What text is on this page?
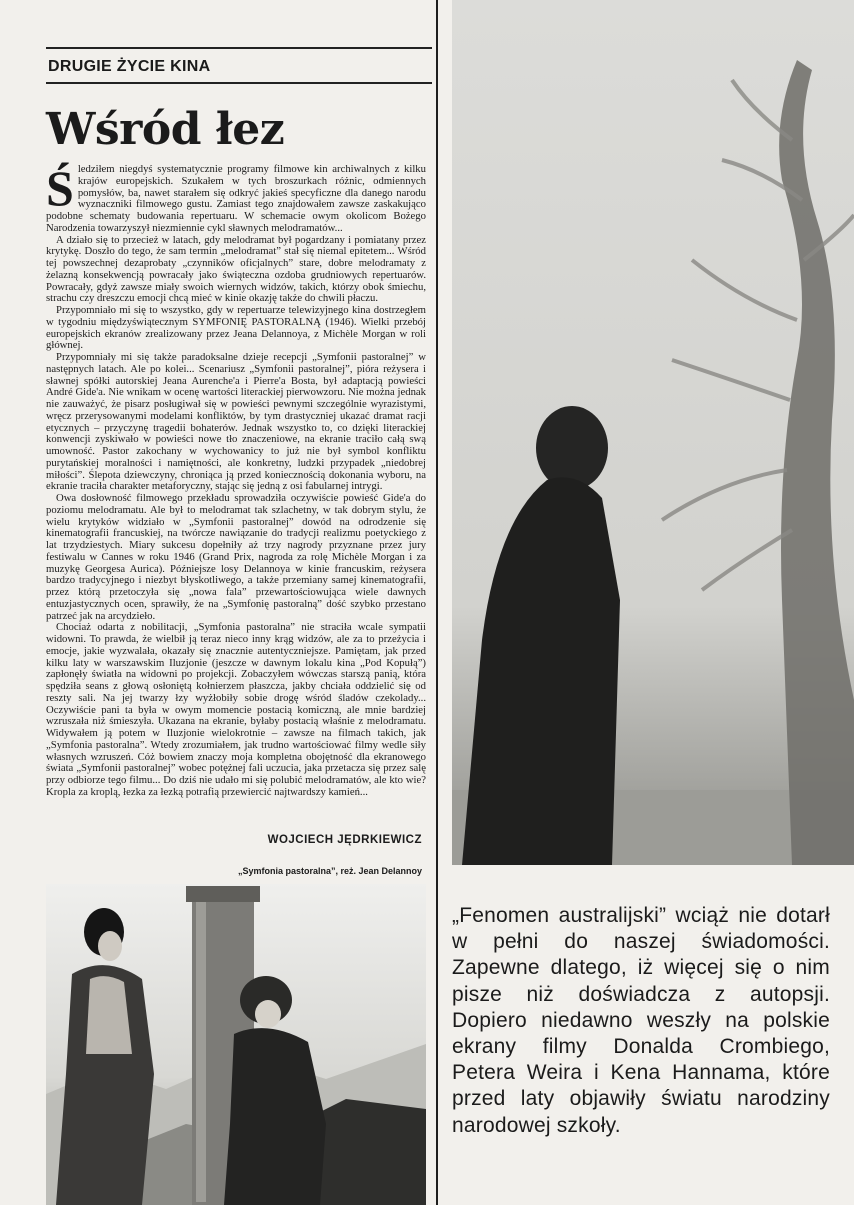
DRUGIE ŻYCIE KINA
Wśród łez

Śledziłem niegdyś systematycznie programy filmowe kin archiwalnych z kilku krajów europejskich. Szukałem w tych broszurkach różnic, odmiennych pomysłów, ba, nawet starałem się odkryć jakieś specyficzne dla danego narodu wyznaczniki filmowego gustu. Zamiast tego znajdowałem zawsze zaskakująco podobne schematy budowania repertuaru. W schemacie owym okolicom Bożego Narodzenia towarzyszył niezmiennie cykl sławnych melodramatów...

A działo się to przecież w latach, gdy melodramat był pogardzany i pomiatany przez krytykę. Doszło do tego, że sam termin „melodramat” stał się niemal epitetem... Wśród tej powszechnej dezaprobaty „czynników oficjalnych” stare, dobre melodramaty z żelazną konsekwencją powracały jako świąteczna ozdoba grudniowych repertuarów. Powracały, gdyż zawsze miały swoich wiernych widzów, takich, którzy obok śmiechu, strachu czy dreszczu emocji chcą mieć w kinie okazję także do chwili płaczu.

Przypomniało mi się to wszystko, gdy w repertuarze telewizyjnego kina dostrzegłem w tygodniu międzyświątecznym SYMFONIĘ PASTORALNĄ (1946). Wielki przebój europejskich ekranów zrealizowany przez Jeana Delannoya, z Michèle Morgan w roli głównej.

Przypomniały mi się także paradoksalne dzieje recepcji „Symfonii pastoralnej” w następnych latach. Ale po kolei... Scenariusz „Symfonii pastoralnej”, pióra reżysera i sławnej spółki autorskiej Jeana Aurenche'a i Pierre'a Bosta, był adaptacją powieści André Gide'a. Nie wnikam w ocenę wartości literackiej pierwowzoru. Nie można jednak nie zauważyć, że pisarz posługiwał się w powieści pewnymi szczególnie wyrazistymi, wręcz przerysowanymi modelami konfliktów, by tym drastyczniej ukazać dramat racji etycznych – przyczynę tragedii bohaterów. Jednak wszystko to, co dzięki literackiej konwencji zyskiwało w powieści nowe tło znaczeniowe, na ekranie traciło całą swą umowność. Pastor zakochany w wychowanicy to już nie był symbol konfliktu purytańskiej moralności i namiętności, ale konkretny, ludzki przypadek „niedobrej miłości”. Ślepota dziewczyny, chroniąca ją przed koniecznością dokonania wyboru, na ekranie traciła charakter metaforyczny, stając się jedną z osi fabularnej intrygi.

Owa dosłowność filmowego przekładu sprowadziła oczywiście powieść Gide'a do poziomu melodramatu. Ale był to melodramat tak szlachetny, w tak dobrym stylu, że wielu krytyków widziało w „Symfonii pastoralnej” dowód na odrodzenie się kinematografii francuskiej, na twórcze nawiązanie do tradycji realizmu poetyckiego z lat trzydziestych. Miary sukcesu dopełniły aż trzy nagrody przyznane przez jury festiwalu w Cannes w roku 1946 (Grand Prix, nagroda za rolę Michèle Morgan i za muzykę Georgesa Aurica). Późniejsze losy Delannoya w kinie francuskim, reżysera bardzo tradycyjnego i niezbyt błyskotliwego, a także przemiany samej kinematografii, przez którą przetoczyła się „nowa fala” przewartościowująca wiele dawnych entuzjastycznych ocen, sprawiły, że na „Symfonię pastoralną” dość szybko przestano patrzeć jak na arcydzieło.

Chociaż odarta z nobilitacji, „Symfonia pastoralna” nie straciła wcale sympatii widowni. To prawda, że wielbił ją teraz nieco inny krąg widzów, ale za to przeżycia i emocje, jakie wyzwalała, okazały się znacznie autentyczniejsze. Pamiętam, jak przed kilku laty w warszawskim Iluzjonie (jeszcze w dawnym lokalu kina „Pod Kopułą”) zapłonęły światła na widowni po projekcji. Zobaczyłem wówczas starszą panią, która spędziła seans z głową osłoniętą kołnierzem płaszcza, jakby chciała oddzielić się od reszty sali. Na jej twarzy łzy wyżłobiły sobie drogę wśród śladów czekolady... Oczywiście pani ta była w owym momencie postacią komiczną, ale mnie bardziej wzruszała niż śmieszyła. Ukazana na ekranie, byłaby postacią właśnie z melodramatu. Widywałem ją potem w Iluzjonie wielokrotnie – zawsze na filmach takich, jak „Symfonia pastoralna”. Wtedy zrozumiałem, jak trudno wartościować filmy wedle siły własnych wzruszeń. Cóż bowiem znaczy moja kompletna obojętność dla ekranowego świata „Symfonii pastoralnej” wobec potężnej fali uczucia, jaka przetacza się przez salę przy odbiorze tego filmu... Do dziś nie udało mi się polubić melodramatów, ale kto wie? Kropla za kroplą, łezka za łezką potrafią przewiercić najtwardszy kamień...

WOJCIECH JĘDRKIEWICZ
„Symfonia pastoralna”, reż. Jean Delannoy
„Fenomen australijski” wciąż nie dotarł w pełni do naszej świadomości. Zapewne dlatego, iż więcej się o nim pisze niż doświadcza z autopsji. Dopiero niedawno weszły na polskie ekrany filmy Donalda Crombiego, Petera Weira i Kena Hannama, które przed laty objawiły światu narodziny narodowej szkoły.
